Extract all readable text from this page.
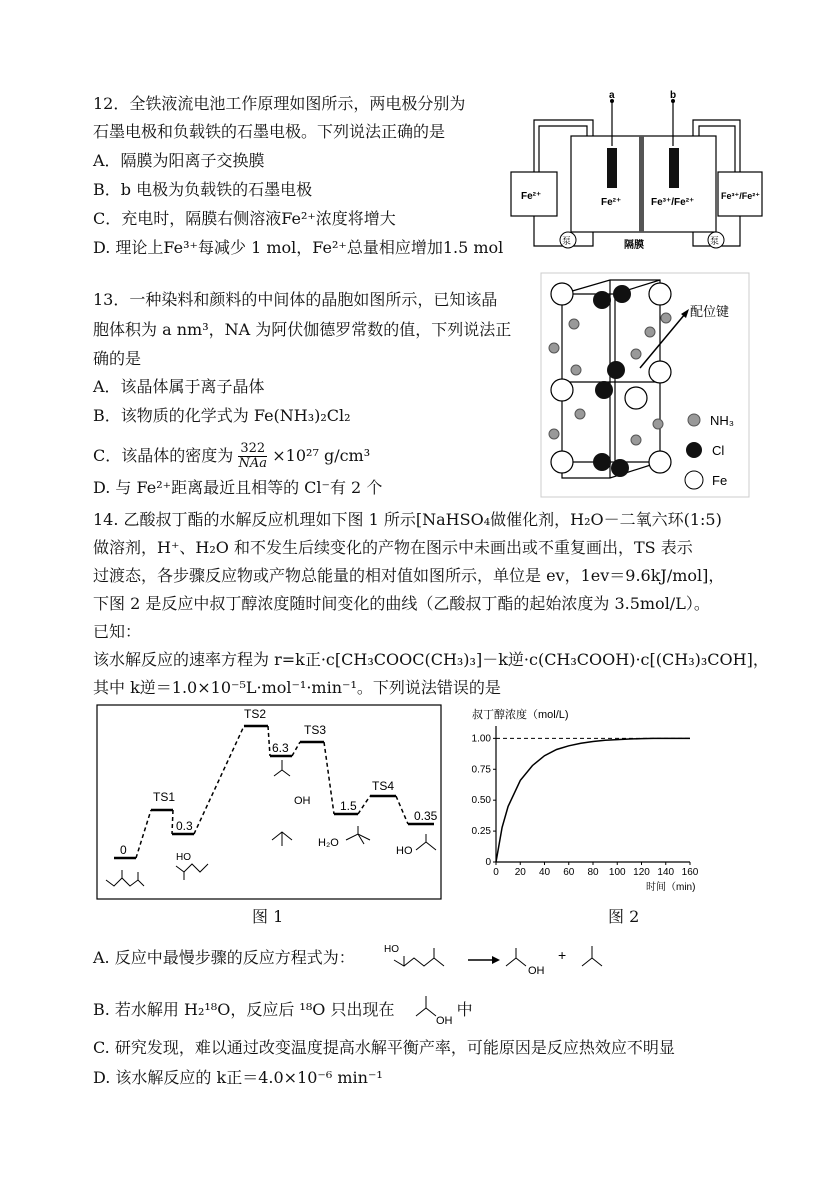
12．全铁液流电池工作原理如图所示，两电极分别为
石墨电极和负载铁的石墨电极。下列说法正确的是
A．隔膜为阳离子交换膜
B．b 电极为负载铁的石墨电极
C．充电时，隔膜右侧溶液Fe²⁺浓度将增大
D. 理论上Fe³⁺每减少 1 mol，Fe²⁺总量相应增加1.5 mol
a	b
Fe²⁺	Fe³⁺/Fe²⁺
Fe²⁺	Fe³⁺/Fe²⁺
泵	泵
隔膜
13．一种染料和颜料的中间体的晶胞如图所示，已知该晶
胞体积为 a nm³，NA 为阿伏伽德罗常数的值，下列说法正
确的是
A．该晶体属于离子晶体
B．该物质的化学式为 Fe(NH₃)₂Cl₂
C．该晶体的密度为 322
NAa ×10²⁷ g/cm³
D. 与 Fe²⁺距离最近且相等的 Cl⁻有 2 个
配位键
NH₃
Cl
Fe
14. 乙酸叔丁酯的水解反应机理如下图 1 所示[NaHSO₄做催化剂，H₂O－二氧六环(1:5)
做溶剂，H⁺、H₂O 和不发生后续变化的产物在图示中未画出或不重复画出，TS 表示
过渡态，各步骤反应物或产物总能量的相对值如图所示，单位是 ev，1ev＝9.6kJ/mol]，
下图 2 是反应中叔丁醇浓度随时间变化的曲线（乙酸叔丁酯的起始浓度为 3.5mol/L）。
已知：
该水解反应的速率方程为 r=k正·c[CH₃COOC(CH₃)₃]－k逆·c(CH₃COOH)·c[(CH₃)₃COH]，
其中 k逆＝1.0×10⁻⁵L·mol⁻¹·min⁻¹。下列说法错误的是
TS1
TS2
TS3
TS4
0
0.3
6.3
1.5
0.35
HO
OH
H₂O
HO
图 1
叔丁醇浓度（mol/L)
时间（min)
0 20 40 60 80 100 120 140 160
0
0.25
0.50
0.75
1.00
图 2
A. 反应中最慢步骤的反应方程式为：	HO
OH
+
B. 若水解用 H₂¹⁸O，反应后 ¹⁸O 只出现在	中
OH
C. 研究发现，难以通过改变温度提高水解平衡产率，可能原因是反应热效应不明显
D. 该水解反应的 k正＝4.0×10⁻⁶ min⁻¹
